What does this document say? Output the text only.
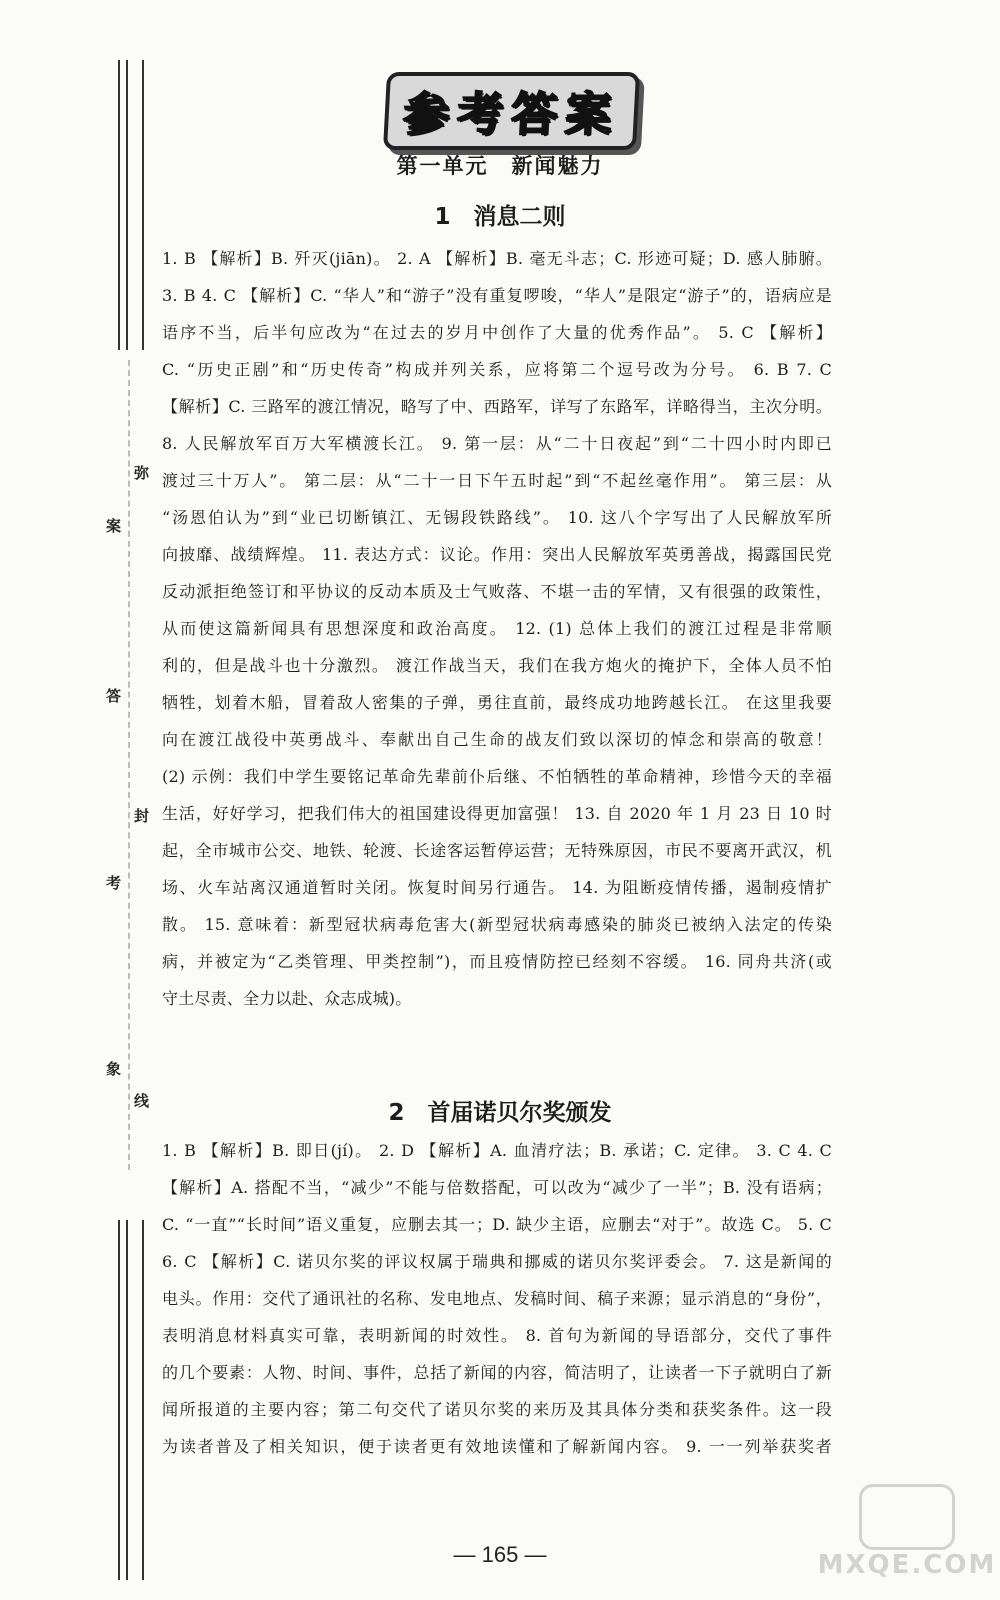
弥
案
答
封
考
象
线
参考答案
第一单元　新闻魅力
1　消息二则
1. B 【解析】B. 歼灭(jiān)。 2. A 【解析】B. 毫无斗志；C. 形迹可疑；D. 感人肺腑。
3. B 4. C 【解析】C. “华人”和“游子”没有重复啰唆，“华人”是限定“游子”的，语病应是
语序不当，后半句应改为“在过去的岁月中创作了大量的优秀作品”。 5. C 【解析】
C. “历史正剧”和“历史传奇”构成并列关系，应将第二个逗号改为分号。 6. B 7. C
【解析】C. 三路军的渡江情况，略写了中、西路军，详写了东路军，详略得当，主次分明。
8. 人民解放军百万大军横渡长江。 9. 第一层：从“二十日夜起”到“二十四小时内即已
渡过三十万人”。 第二层：从“二十一日下午五时起”到“不起丝毫作用”。 第三层：从
“汤恩伯认为”到“业已切断镇江、无锡段铁路线”。 10. 这八个字写出了人民解放军所
向披靡、战绩辉煌。 11. 表达方式：议论。作用：突出人民解放军英勇善战，揭露国民党
反动派拒绝签订和平协议的反动本质及士气败落、不堪一击的军情，又有很强的政策性，
从而使这篇新闻具有思想深度和政治高度。 12. (1) 总体上我们的渡江过程是非常顺
利的，但是战斗也十分激烈。 渡江作战当天，我们在我方炮火的掩护下，全体人员不怕
牺牲，划着木船，冒着敌人密集的子弹，勇往直前，最终成功地跨越长江。 在这里我要
向在渡江战役中英勇战斗、奉献出自己生命的战友们致以深切的悼念和崇高的敬意！
(2) 示例：我们中学生要铭记革命先辈前仆后继、不怕牺牲的革命精神，珍惜今天的幸福
生活，好好学习，把我们伟大的祖国建设得更加富强！ 13. 自 2020 年 1 月 23 日 10 时
起，全市城市公交、地铁、轮渡、长途客运暂停运营；无特殊原因，市民不要离开武汉，机
场、火车站离汉通道暂时关闭。恢复时间另行通告。 14. 为阻断疫情传播，遏制疫情扩
散。 15. 意味着：新型冠状病毒危害大(新型冠状病毒感染的肺炎已被纳入法定的传染
病，并被定为“乙类管理、甲类控制”)，而且疫情防控已经刻不容缓。 16. 同舟共济(或
守土尽责、全力以赴、众志成城)。
2　首届诺贝尔奖颁发
1. B 【解析】B. 即日(jí)。 2. D 【解析】A. 血清疗法；B. 承诺；C. 定律。 3. C 4. C
【解析】A. 搭配不当，“减少”不能与倍数搭配，可以改为“减少了一半”；B. 没有语病；
C. “一直”“长时间”语义重复，应删去其一；D. 缺少主语，应删去“对于”。故选 C。 5. C
6. C 【解析】C. 诺贝尔奖的评议权属于瑞典和挪威的诺贝尔奖评委会。 7. 这是新闻的
电头。作用：交代了通讯社的名称、发电地点、发稿时间、稿子来源；显示消息的“身份”，
表明消息材料真实可靠，表明新闻的时效性。 8. 首句为新闻的导语部分，交代了事件
的几个要素：人物、时间、事件，总括了新闻的内容，简洁明了，让读者一下子就明白了新
闻所报道的主要内容；第二句交代了诺贝尔奖的来历及其具体分类和获奖条件。这一段
为读者普及了相关知识，便于读者更有效地读懂和了解新闻内容。 9. 一一列举获奖者
— 165 —	MXQE.COM
